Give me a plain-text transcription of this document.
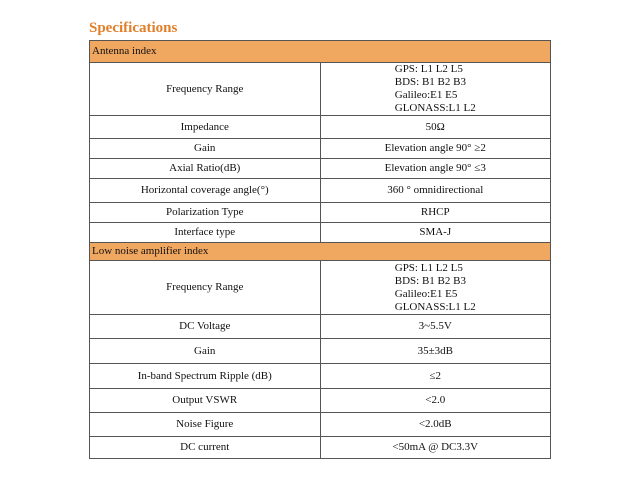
Specifications
Antenna index	
Frequency Range	GPS: L1 L2 L5
BDS: B1 B2 B3
Galileo:E1 E5
GLONASS:L1 L2

Impedance	50Ω
Gain	Elevation angle 90° ≥2
Axial Ratio(dB)	Elevation angle 90° ≤3
Horizontal coverage angle(°)	360 ° omnidirectional
Polarization Type	RHCP
Interface type	SMA-J
Low noise amplifier index	
Frequency Range	GPS: L1 L2 L5
BDS: B1 B2 B3
Galileo:E1 E5
GLONASS:L1 L2

DC Voltage	3~5.5V
Gain	35±3dB
In-band Spectrum Ripple (dB)	≤2
Output VSWR	<2.0
Noise Figure	<2.0dB
DC current	<50mA @ DC3.3V
